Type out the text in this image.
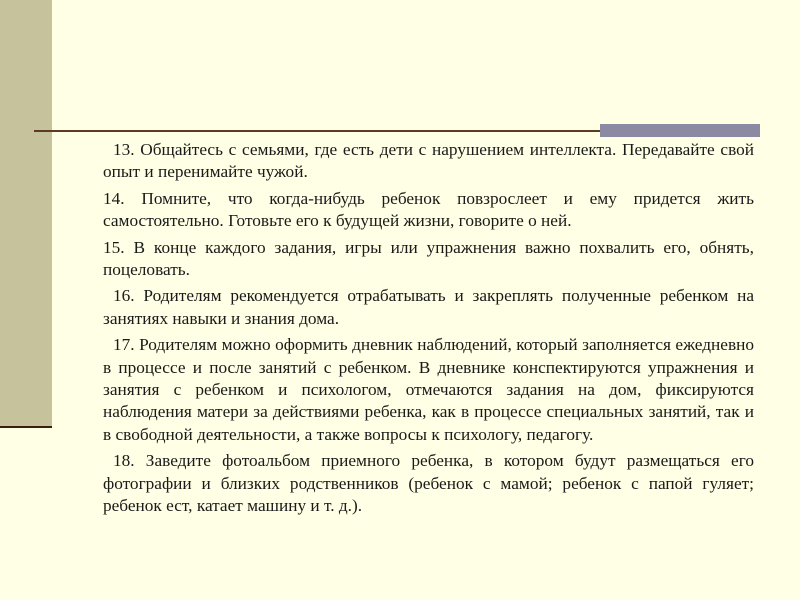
13. Общайтесь с семьями, где есть дети с нарушением интеллекта. Передавайте свой опыт и перенимайте чужой.

14. Помните, что когда-нибудь ребенок повзрослеет и ему придется жить самостоятельно. Готовьте его к будущей жизни, говорите о ней.

15. В конце каждого задания, игры или упражнения важно похвалить его, обнять, поцеловать.

16. Родителям рекомендуется отрабатывать и закреплять полученные ребенком на занятиях навыки и знания дома.

17. Родителям можно оформить дневник наблюдений, который заполняется ежедневно в процессе и после занятий с ребенком. В дневнике конспектируются упражнения и занятия с ребенком и психологом, отмечаются задания на дом, фиксируются наблюдения матери за действиями ребенка, как в процессе специальных занятий, так и в свободной деятельности, а также вопросы к психологу, педагогу.

18. Заведите фотоальбом приемного ребенка, в котором будут размещаться его фотографии и близких родственников (ребенок с мамой; ребенок с папой гуляет; ребенок ест, катает машину и т. д.).
